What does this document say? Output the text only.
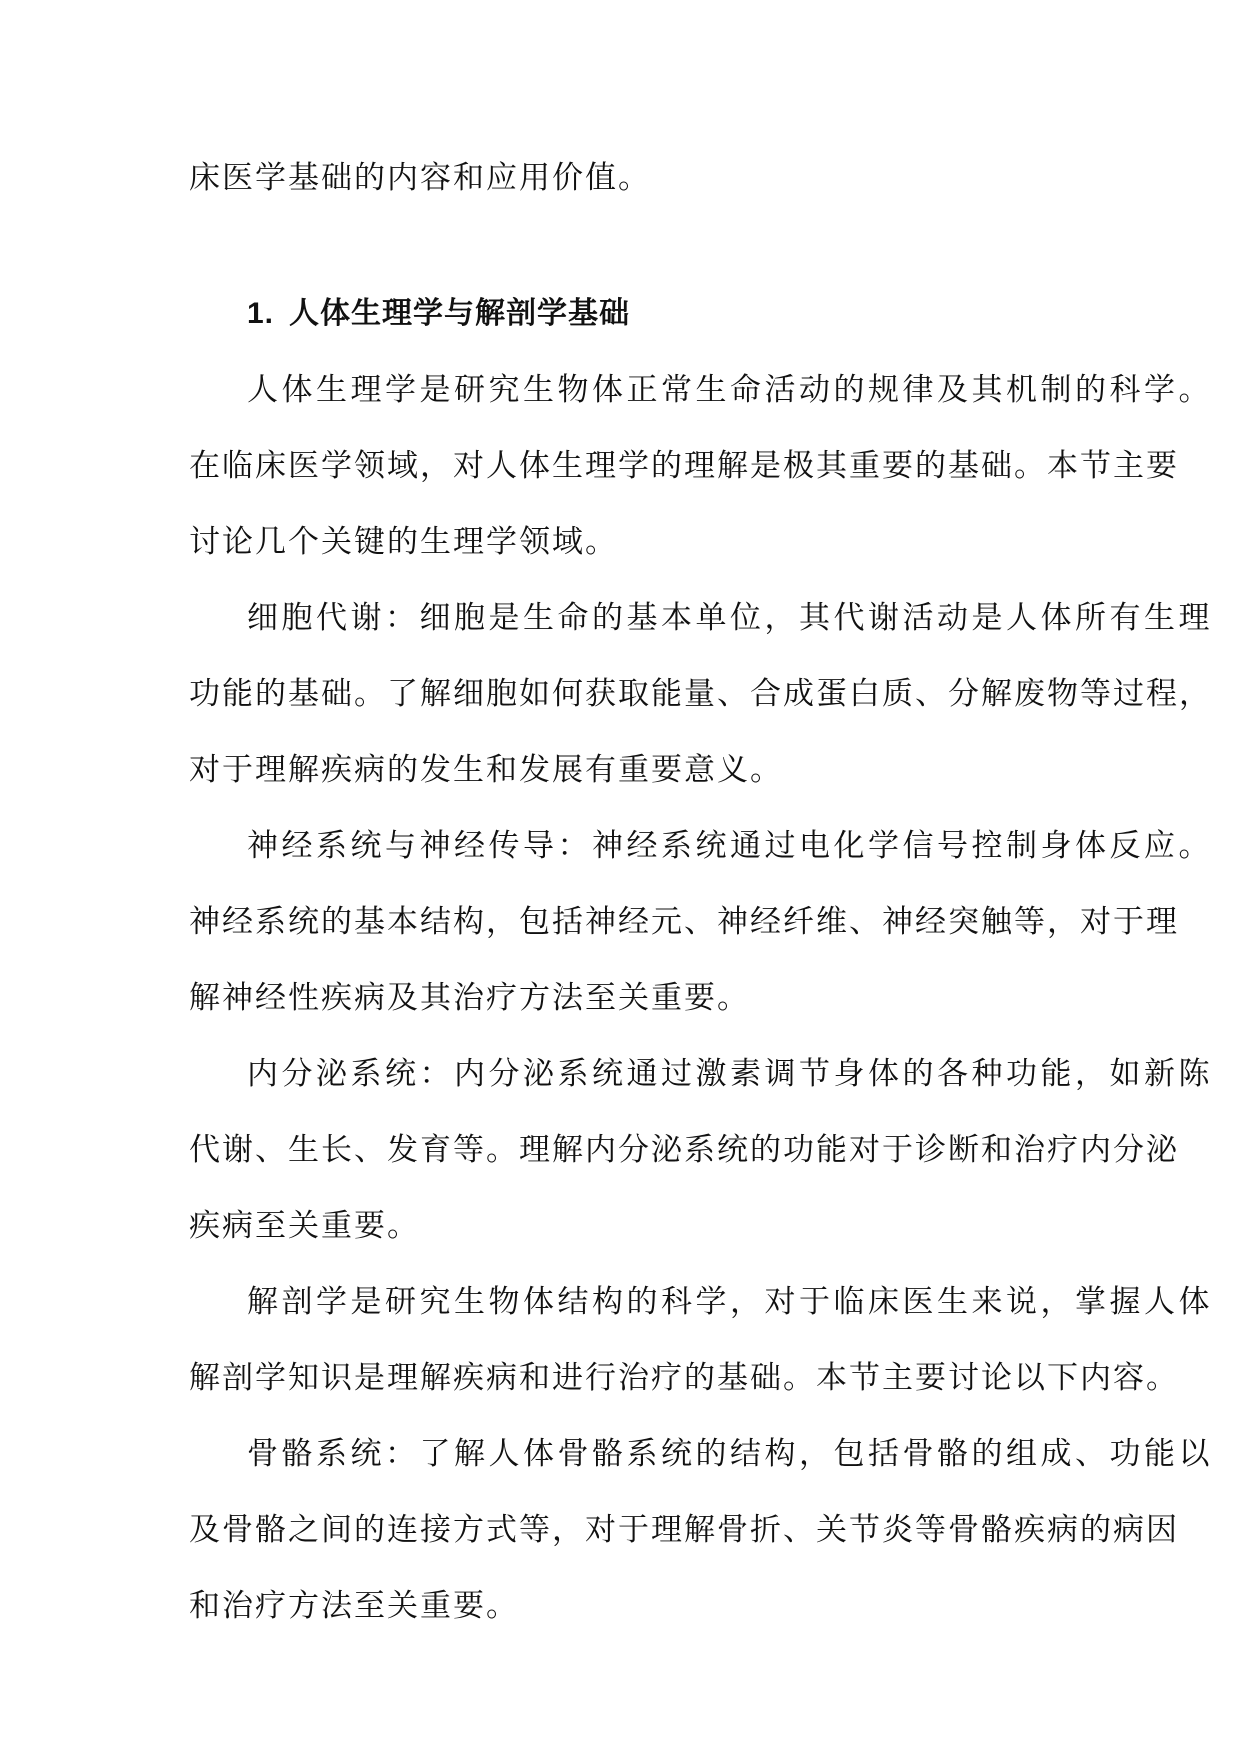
床医学基础的内容和应用价值。

1. 人体生理学与解剖学基础

人体生理学是研究生物体正常生命活动的规律及其机制的科学。

在临床医学领域，对人体生理学的理解是极其重要的基础。本节主要

讨论几个关键的生理学领域。

细胞代谢：细胞是生命的基本单位，其代谢活动是人体所有生理

功能的基础。了解细胞如何获取能量、合成蛋白质、分解废物等过程，

对于理解疾病的发生和发展有重要意义。

神经系统与神经传导：神经系统通过电化学信号控制身体反应。

神经系统的基本结构，包括神经元、神经纤维、神经突触等，对于理

解神经性疾病及其治疗方法至关重要。

内分泌系统：内分泌系统通过激素调节身体的各种功能，如新陈

代谢、生长、发育等。理解内分泌系统的功能对于诊断和治疗内分泌

疾病至关重要。

解剖学是研究生物体结构的科学，对于临床医生来说，掌握人体

解剖学知识是理解疾病和进行治疗的基础。本节主要讨论以下内容。

骨骼系统：了解人体骨骼系统的结构，包括骨骼的组成、功能以

及骨骼之间的连接方式等，对于理解骨折、关节炎等骨骼疾病的病因

和治疗方法至关重要。
